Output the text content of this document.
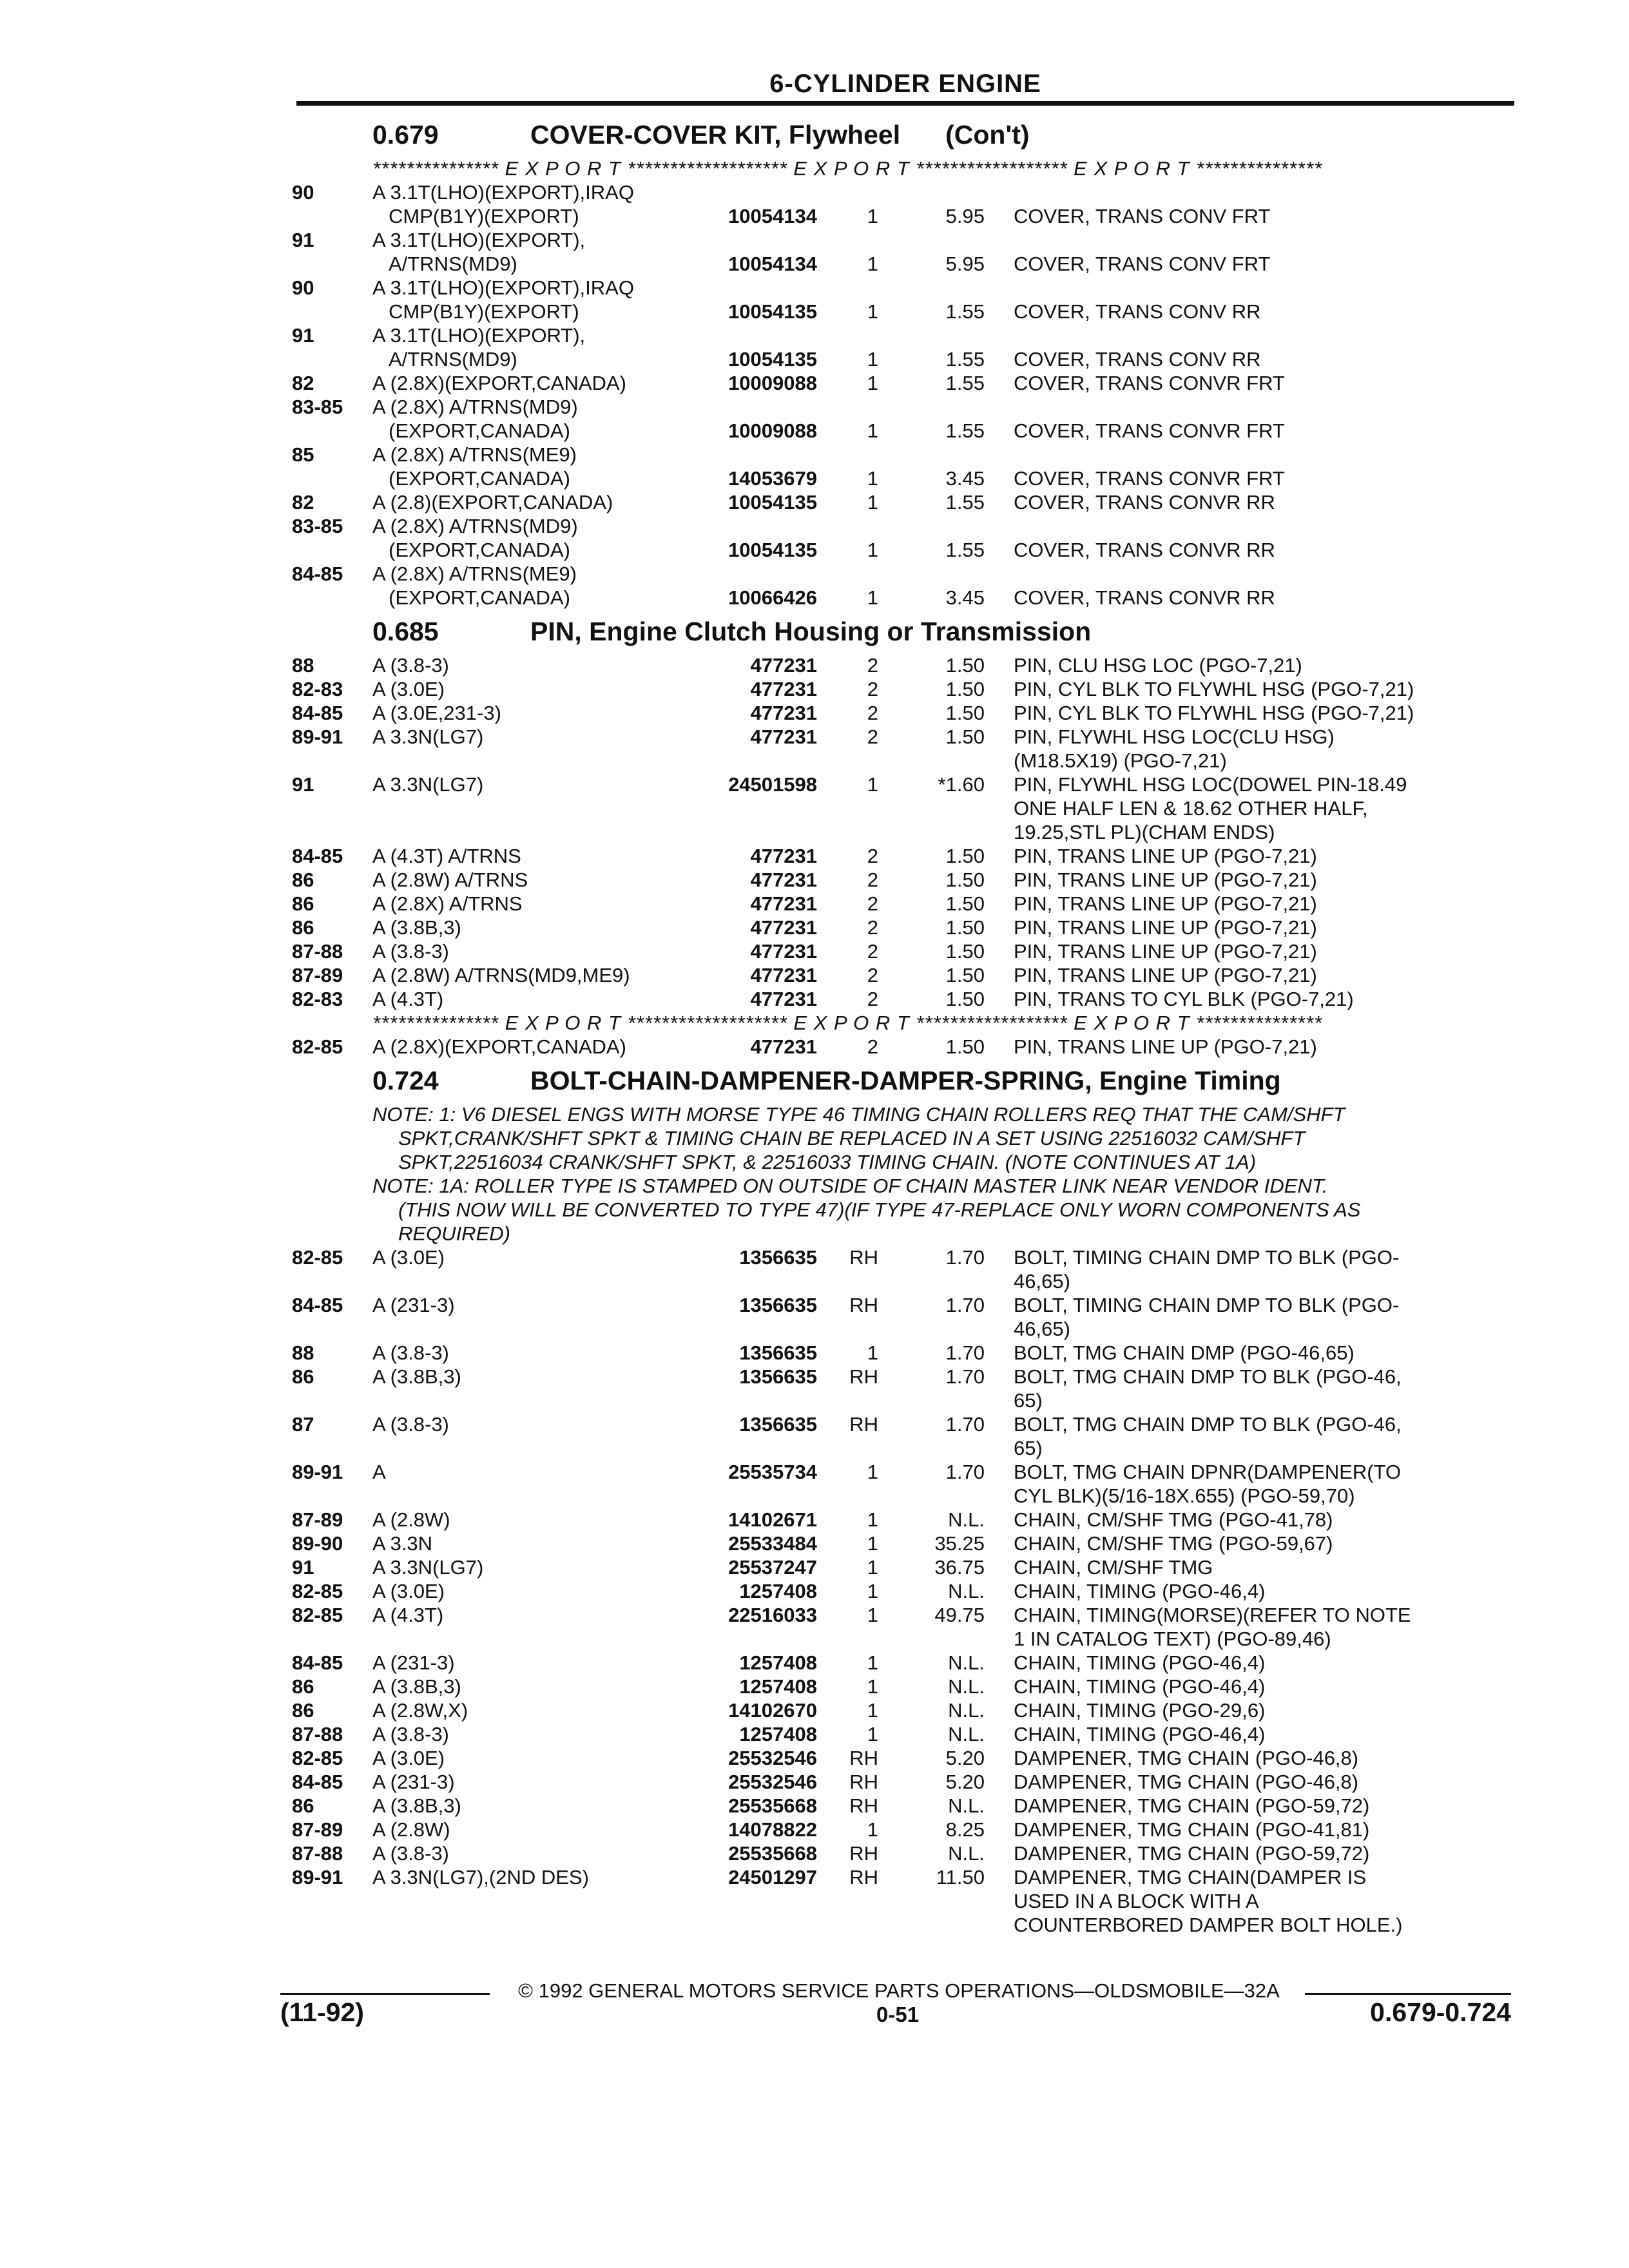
6-CYLINDER ENGINE
0.679	COVER-COVER KIT, Flywheel (Con't)
*************** E X P O R T ******************* E X P O R T ****************** E X P O R T ***************
90	A 3.1T(LHO)(EXPORT),IRAQ
CMP(B1Y)(EXPORT)	10054134	1	5.95	COVER, TRANS CONV FRT
91	A 3.1T(LHO)(EXPORT),
A/TRNS(MD9)	10054134	1	5.95	COVER, TRANS CONV FRT
90	A 3.1T(LHO)(EXPORT),IRAQ
CMP(B1Y)(EXPORT)	10054135	1	1.55	COVER, TRANS CONV RR
91	A 3.1T(LHO)(EXPORT),
A/TRNS(MD9)	10054135	1	1.55	COVER, TRANS CONV RR
82	A (2.8X)(EXPORT,CANADA)	10009088	1	1.55	COVER, TRANS CONVR FRT
83-85	A (2.8X) A/TRNS(MD9)
(EXPORT,CANADA)	10009088	1	1.55	COVER, TRANS CONVR FRT
85	A (2.8X) A/TRNS(ME9)
(EXPORT,CANADA)	14053679	1	3.45	COVER, TRANS CONVR FRT
82	A (2.8)(EXPORT,CANADA)	10054135	1	1.55	COVER, TRANS CONVR RR
83-85	A (2.8X) A/TRNS(MD9)
(EXPORT,CANADA)	10054135	1	1.55	COVER, TRANS CONVR RR
84-85	A (2.8X) A/TRNS(ME9)
(EXPORT,CANADA)	10066426	1	3.45	COVER, TRANS CONVR RR
0.685	PIN, Engine Clutch Housing or Transmission
88	A (3.8-3)	477231	2	1.50	PIN, CLU HSG LOC (PGO-7,21)
82-83	A (3.0E)	477231	2	1.50	PIN, CYL BLK TO FLYWHL HSG (PGO-7,21)
84-85	A (3.0E,231-3)	477231	2	1.50	PIN, CYL BLK TO FLYWHL HSG (PGO-7,21)
89-91	A 3.3N(LG7)	477231	2	1.50	PIN, FLYWHL HSG LOC(CLU HSG)
(M18.5X19) (PGO-7,21)
91	A 3.3N(LG7)	24501598	1	*1.60	PIN, FLYWHL HSG LOC(DOWEL PIN-18.49
ONE HALF LEN & 18.62 OTHER HALF,
19.25,STL PL)(CHAM ENDS)
84-85	A (4.3T) A/TRNS	477231	2	1.50	PIN, TRANS LINE UP (PGO-7,21)
86	A (2.8W) A/TRNS	477231	2	1.50	PIN, TRANS LINE UP (PGO-7,21)
86	A (2.8X) A/TRNS	477231	2	1.50	PIN, TRANS LINE UP (PGO-7,21)
86	A (3.8B,3)	477231	2	1.50	PIN, TRANS LINE UP (PGO-7,21)
87-88	A (3.8-3)	477231	2	1.50	PIN, TRANS LINE UP (PGO-7,21)
87-89	A (2.8W) A/TRNS(MD9,ME9)	477231	2	1.50	PIN, TRANS LINE UP (PGO-7,21)
82-83	A (4.3T)	477231	2	1.50	PIN, TRANS TO CYL BLK (PGO-7,21)
*************** E X P O R T ******************* E X P O R T ****************** E X P O R T ***************
82-85	A (2.8X)(EXPORT,CANADA)	477231	2	1.50	PIN, TRANS LINE UP (PGO-7,21)
0.724	BOLT-CHAIN-DAMPENER-DAMPER-SPRING, Engine Timing
NOTE: 1: V6 DIESEL ENGS WITH MORSE TYPE 46 TIMING CHAIN ROLLERS REQ THAT THE CAM/SHFT
SPKT,CRANK/SHFT SPKT & TIMING CHAIN BE REPLACED IN A SET USING 22516032 CAM/SHFT
SPKT,22516034 CRANK/SHFT SPKT, & 22516033 TIMING CHAIN. (NOTE CONTINUES AT 1A)
NOTE: 1A: ROLLER TYPE IS STAMPED ON OUTSIDE OF CHAIN MASTER LINK NEAR VENDOR IDENT.
(THIS NOW WILL BE CONVERTED TO TYPE 47)(IF TYPE 47-REPLACE ONLY WORN COMPONENTS AS
REQUIRED)
82-85	A (3.0E)	1356635	RH	1.70	BOLT, TIMING CHAIN DMP TO BLK (PGO-
46,65)
84-85	A (231-3)	1356635	RH	1.70	BOLT, TIMING CHAIN DMP TO BLK (PGO-
46,65)
88	A (3.8-3)	1356635	1	1.70	BOLT, TMG CHAIN DMP (PGO-46,65)
86	A (3.8B,3)	1356635	RH	1.70	BOLT, TMG CHAIN DMP TO BLK (PGO-46,
65)
87	A (3.8-3)	1356635	RH	1.70	BOLT, TMG CHAIN DMP TO BLK (PGO-46,
65)
89-91	A	25535734	1	1.70	BOLT, TMG CHAIN DPNR(DAMPENER(TO
CYL BLK)(5/16-18X.655) (PGO-59,70)
87-89	A (2.8W)	14102671	1	N.L.	CHAIN, CM/SHF TMG (PGO-41,78)
89-90	A 3.3N	25533484	1	35.25	CHAIN, CM/SHF TMG (PGO-59,67)
91	A 3.3N(LG7)	25537247	1	36.75	CHAIN, CM/SHF TMG
82-85	A (3.0E)	1257408	1	N.L.	CHAIN, TIMING (PGO-46,4)
82-85	A (4.3T)	22516033	1	49.75	CHAIN, TIMING(MORSE)(REFER TO NOTE
1 IN CATALOG TEXT) (PGO-89,46)
84-85	A (231-3)	1257408	1	N.L.	CHAIN, TIMING (PGO-46,4)
86	A (3.8B,3)	1257408	1	N.L.	CHAIN, TIMING (PGO-46,4)
86	A (2.8W,X)	14102670	1	N.L.	CHAIN, TIMING (PGO-29,6)
87-88	A (3.8-3)	1257408	1	N.L.	CHAIN, TIMING (PGO-46,4)
82-85	A (3.0E)	25532546	RH	5.20	DAMPENER, TMG CHAIN (PGO-46,8)
84-85	A (231-3)	25532546	RH	5.20	DAMPENER, TMG CHAIN (PGO-46,8)
86	A (3.8B,3)	25535668	RH	N.L.	DAMPENER, TMG CHAIN (PGO-59,72)
87-89	A (2.8W)	14078822	1	8.25	DAMPENER, TMG CHAIN (PGO-41,81)
87-88	A (3.8-3)	25535668	RH	N.L.	DAMPENER, TMG CHAIN (PGO-59,72)
89-91	A 3.3N(LG7),(2ND DES)	24501297	RH	11.50	DAMPENER, TMG CHAIN(DAMPER IS
USED IN A BLOCK WITH A
COUNTERBORED DAMPER BOLT HOLE.)
© 1992 GENERAL MOTORS SERVICE PARTS OPERATIONS—OLDSMOBILE—32A
(11-92)	0-51	0.679-0.724
